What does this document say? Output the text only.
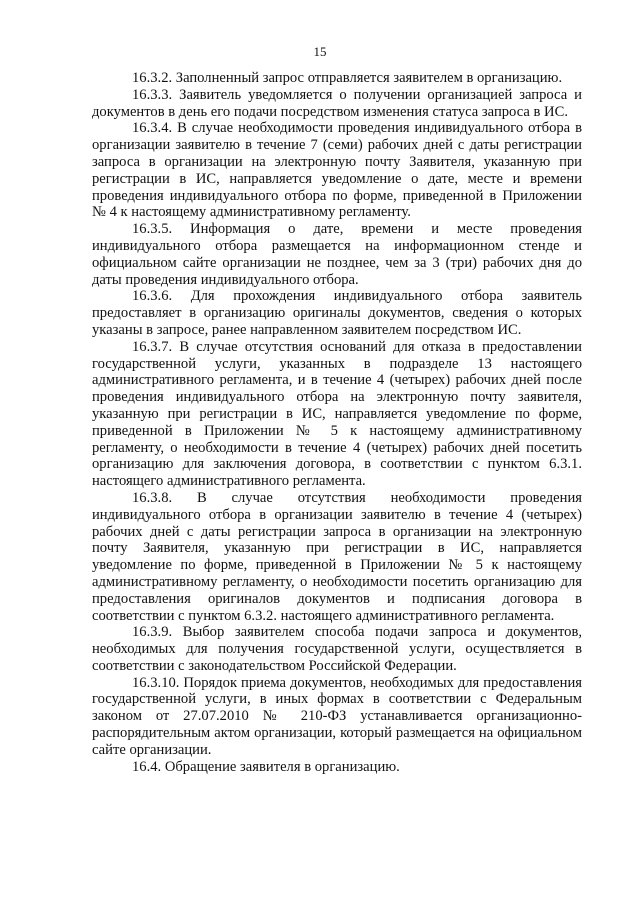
15

16.3.2. Заполненный запрос отправляется заявителем в организацию.

16.3.3. Заявитель уведомляется о получении организацией запроса и документов в день его подачи посредством изменения статуса запроса в ИС.

16.3.4. В случае необходимости проведения индивидуального отбора в организации заявителю в течение 7 (семи) рабочих дней с даты регистрации запроса в организации на электронную почту Заявителя, указанную при регистрации в ИС, направляется уведомление о дате, месте и времени проведения индивидуального отбора по форме, приведенной в Приложении № 4 к настоящему административному регламенту.

16.3.5. Информация о дате, времени и месте проведения индивидуального отбора размещается на информационном стенде и официальном сайте организации не позднее, чем за 3 (три) рабочих дня до даты проведения индивидуального отбора.

16.3.6. Для прохождения индивидуального отбора заявитель предоставляет в организацию оригиналы документов, сведения о которых указаны в запросе, ранее направленном заявителем посредством ИС.

16.3.7. В случае отсутствия оснований для отказа в предоставлении государственной услуги, указанных в подразделе 13 настоящего административного регламента, и в течение 4 (четырех) рабочих дней после проведения индивидуального отбора на электронную почту заявителя, указанную при регистрации в ИС, направляется уведомление по форме, приведенной в Приложении № 5 к настоящему административному регламенту, о необходимости в течение 4 (четырех) рабочих дней посетить организацию для заключения договора, в соответствии с пунктом 6.3.1. настоящего административного регламента.

16.3.8. В случае отсутствия необходимости проведения индивидуального отбора в организации заявителю в течение 4 (четырех) рабочих дней с даты регистрации запроса в организации на электронную почту Заявителя, указанную при регистрации в ИС, направляется уведомление по форме, приведенной в Приложении № 5 к настоящему административному регламенту, о необходимости посетить организацию для предоставления оригиналов документов и подписания договора в соответствии с пунктом 6.3.2. настоящего административного регламента.

16.3.9. Выбор заявителем способа подачи запроса и документов, необходимых для получения государственной услуги, осуществляется в соответствии с законодательством Российской Федерации.

16.3.10. Порядок приема документов, необходимых для предоставления государственной услуги, в иных формах в соответствии с Федеральным законом от 27.07.2010 № 210-ФЗ устанавливается организационно-распорядительным актом организации, который размещается на официальном сайте организации.

16.4. Обращение заявителя в организацию.
